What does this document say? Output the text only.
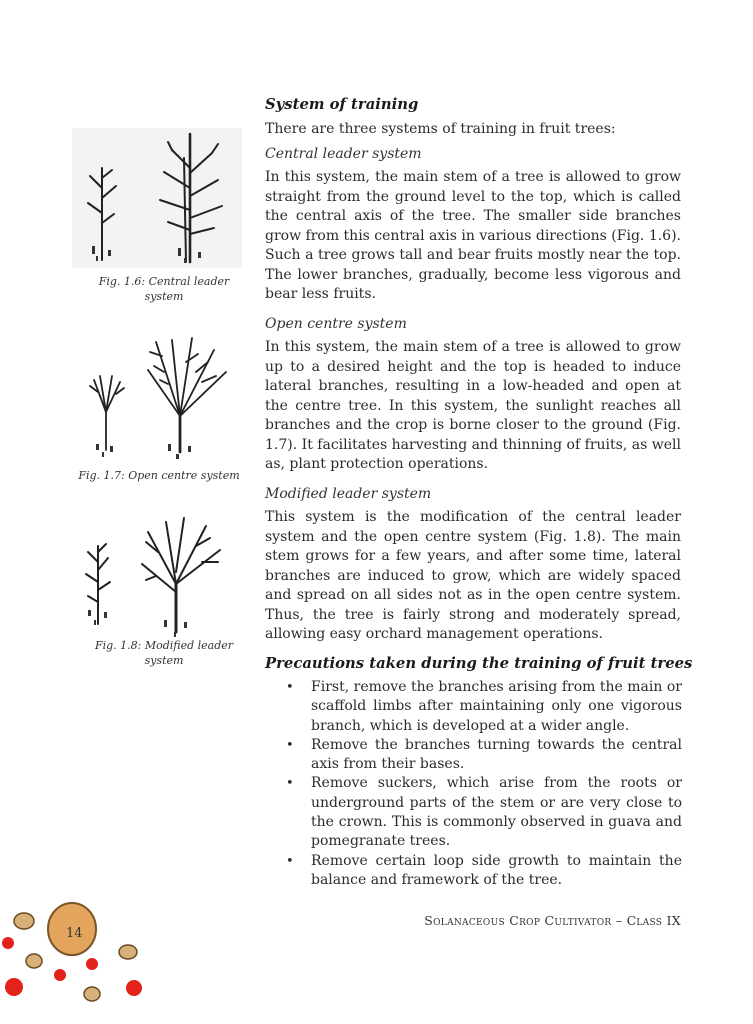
System of training
There are three systems of training in fruit trees:
Central leader system

In this system, the main stem of a tree is allowed to grow straight from the ground level to the top, which is called the central axis of the tree. The smaller side branches grow from this central axis in various directions (Fig. 1.6). Such a tree grows tall and bear fruits mostly near the top. The lower branches, gradually, become less vigorous and bear less fruits.

Open centre system

In this system, the main stem of a tree is allowed to grow up to a desired height and the top is headed to induce lateral branches, resulting in a low-headed and open at the centre tree. In this system, the sunlight reaches all branches and the crop is borne closer to the ground (Fig. 1.7). It facilitates harvesting and thinning of fruits, as well as, plant protection operations.

Modified leader system

This system is the modification of the central leader system and the open centre system (Fig. 1.8). The main stem grows for a few years, and after some time, lateral branches are induced to grow, which are widely spaced and spread on all sides not as in the open centre system. Thus, the tree is fairly strong and moderately spread, allowing easy orchard management operations.

Precautions taken during the training of fruit trees
• First, remove the branches arising from the main or scaffold limbs after maintaining only one vigorous branch, which is developed at a wider angle.
• Remove the branches turning towards the central axis from their bases.
• Remove suckers, which arise from the roots or underground parts of the stem or are very close to the crown. This is commonly observed in guava and pomegranate trees.
• Remove certain loop side growth to maintain the balance and framework of the tree.
Fig. 1.6: Central leader system
Fig. 1.7: Open centre system
Fig. 1.8: Modified leader system
Solanaceous Crop Cultivator – Class IX
14
